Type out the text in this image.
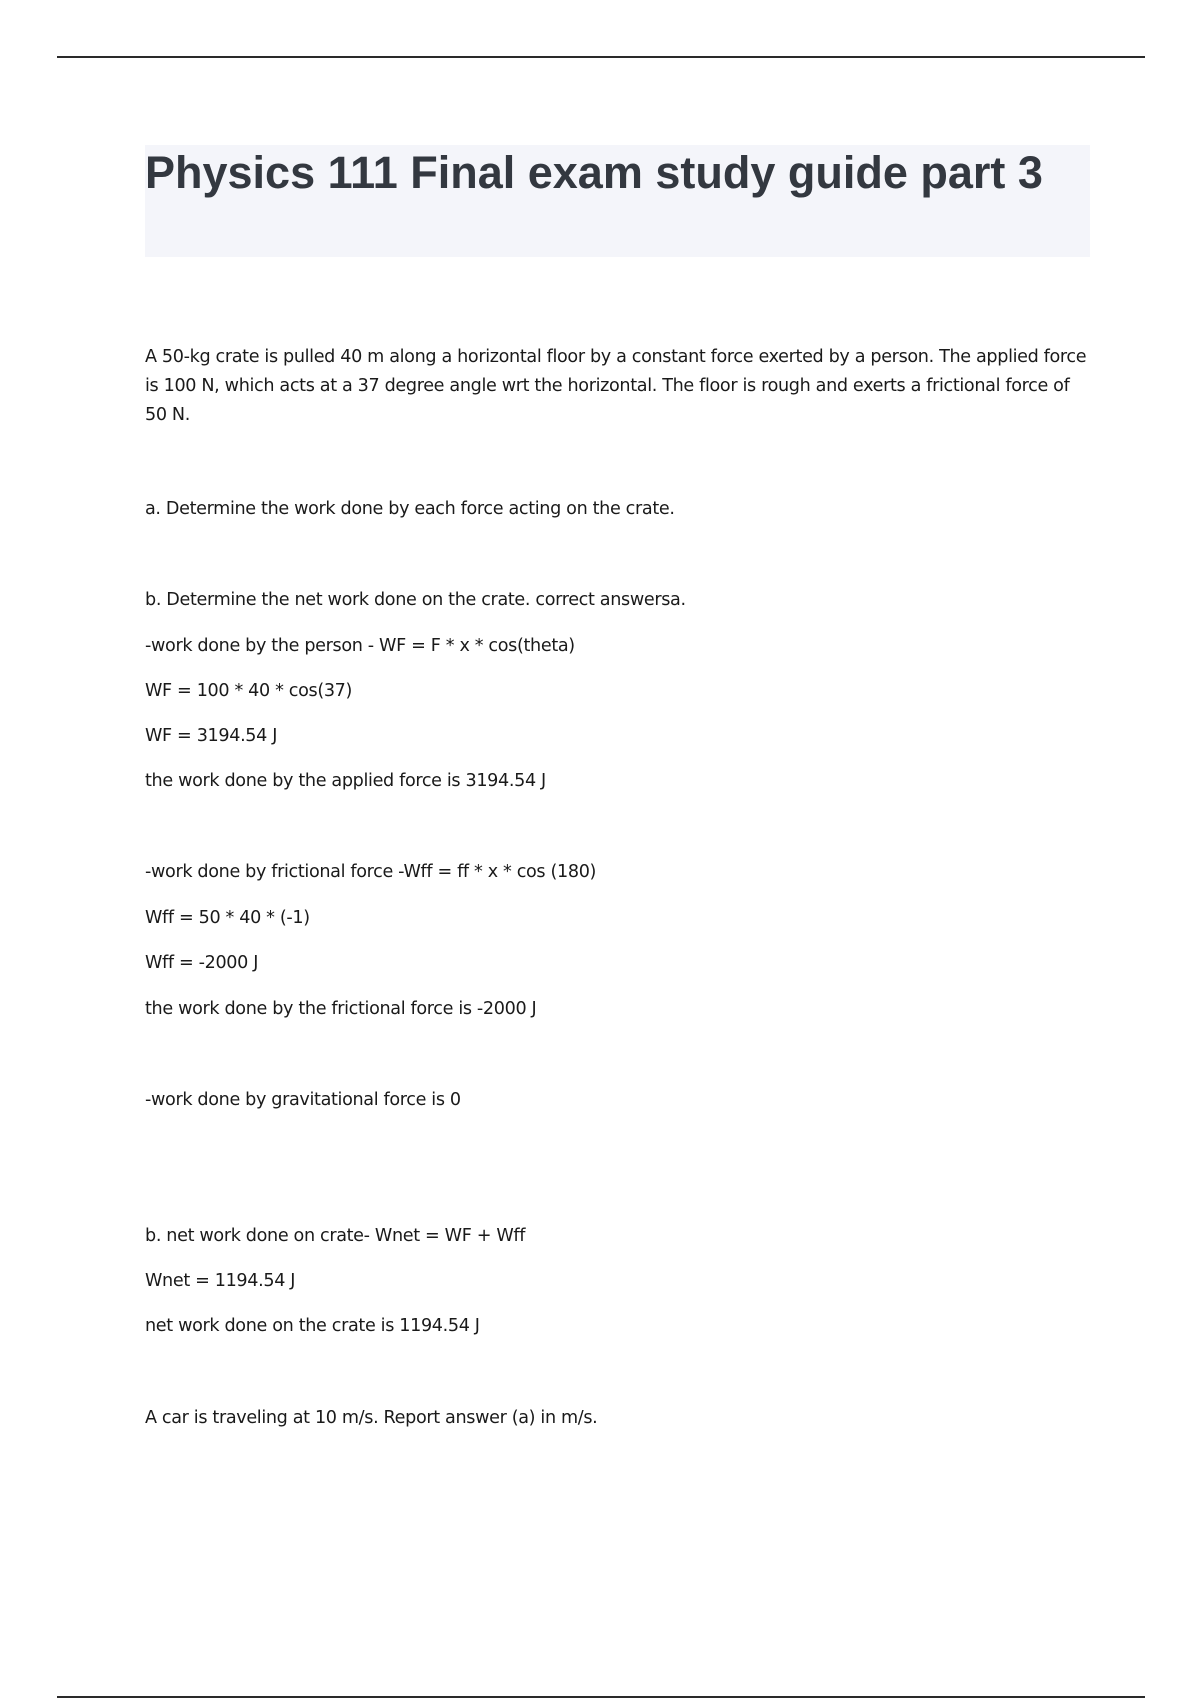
Physics 111 Final exam study guide part 3

A 50-kg crate is pulled 40 m along a horizontal floor by a constant force exerted by a person. The applied force is 100 N, which acts at a 37 degree angle wrt the horizontal. The floor is rough and exerts a frictional force of 50 N.

a. Determine the work done by each force acting on the crate.

b. Determine the net work done on the crate. correct answersa.

-work done by the person - WF = F * x * cos(theta)

WF = 100 * 40 * cos(37)

WF = 3194.54 J

the work done by the applied force is 3194.54 J

-work done by frictional force -Wff = ff * x * cos (180)

Wff = 50 * 40 * (-1)

Wff = -2000 J

the work done by the frictional force is -2000 J

-work done by gravitational force is 0

b. net work done on crate- Wnet = WF + Wff

Wnet = 1194.54 J

net work done on the crate is 1194.54 J

A car is traveling at 10 m/s. Report answer (a) in m/s.
